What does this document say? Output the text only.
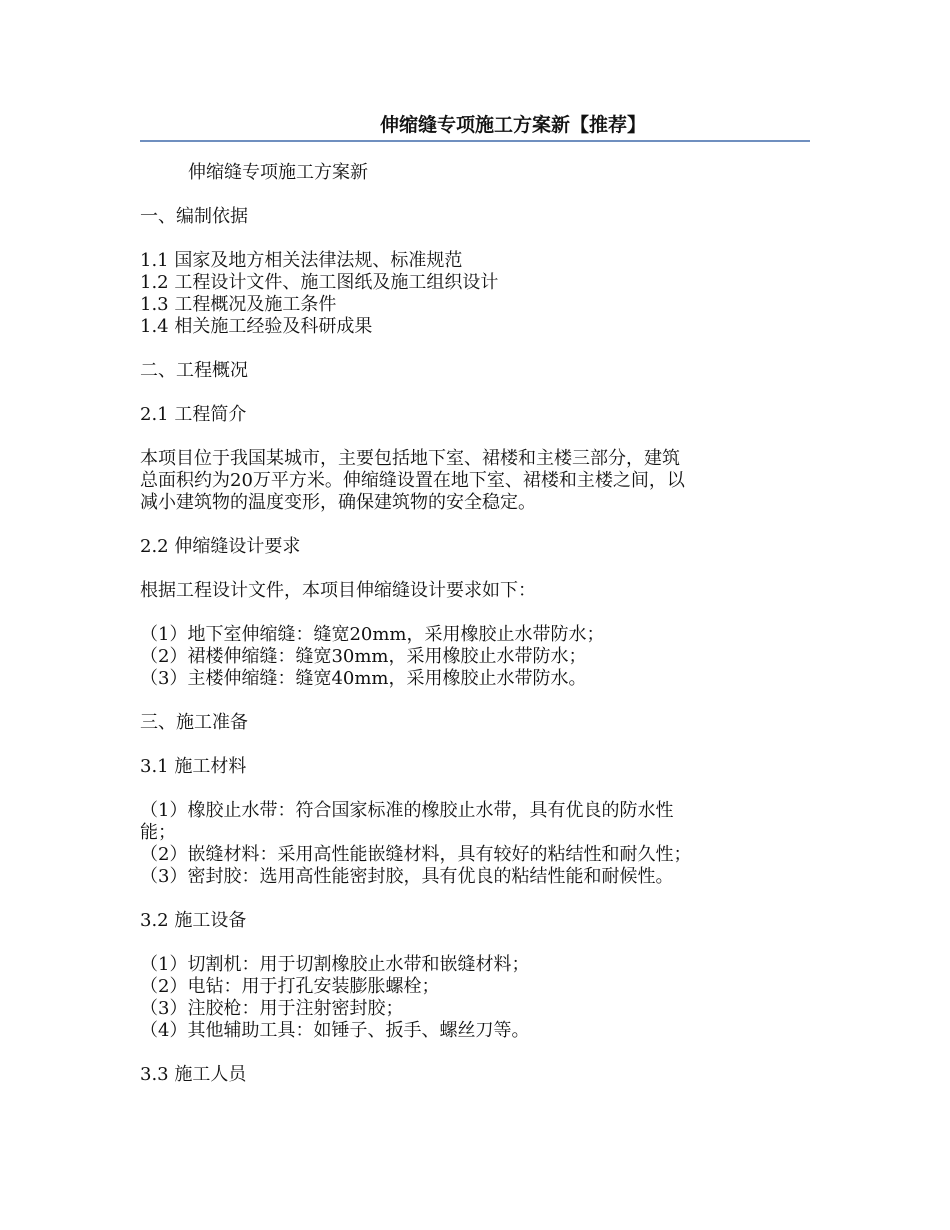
伸缩缝专项施工方案新【推荐】

伸缩缝专项施工方案新

一、编制依据

1.1 国家及地方相关法律法规、标准规范

1.2 工程设计文件、施工图纸及施工组织设计

1.3 工程概况及施工条件

1.4 相关施工经验及科研成果

二、工程概况

2.1 工程简介

本项目位于我国某城市，主要包括地下室、裙楼和主楼三部分，建筑

总面积约为20万平方米。伸缩缝设置在地下室、裙楼和主楼之间，以

减小建筑物的温度变形，确保建筑物的安全稳定。

2.2 伸缩缝设计要求

根据工程设计文件，本项目伸缩缝设计要求如下：

（1）地下室伸缩缝：缝宽20mm，采用橡胶止水带防水；

（2）裙楼伸缩缝：缝宽30mm，采用橡胶止水带防水；

（3）主楼伸缩缝：缝宽40mm，采用橡胶止水带防水。

三、施工准备

3.1 施工材料

（1）橡胶止水带：符合国家标准的橡胶止水带，具有优良的防水性

能；

（2）嵌缝材料：采用高性能嵌缝材料，具有较好的粘结性和耐久性；

（3）密封胶：选用高性能密封胶，具有优良的粘结性能和耐候性。

3.2 施工设备

（1）切割机：用于切割橡胶止水带和嵌缝材料；

（2）电钻：用于打孔安装膨胀螺栓；

（3）注胶枪：用于注射密封胶；

（4）其他辅助工具：如锤子、扳手、螺丝刀等。

3.3 施工人员
